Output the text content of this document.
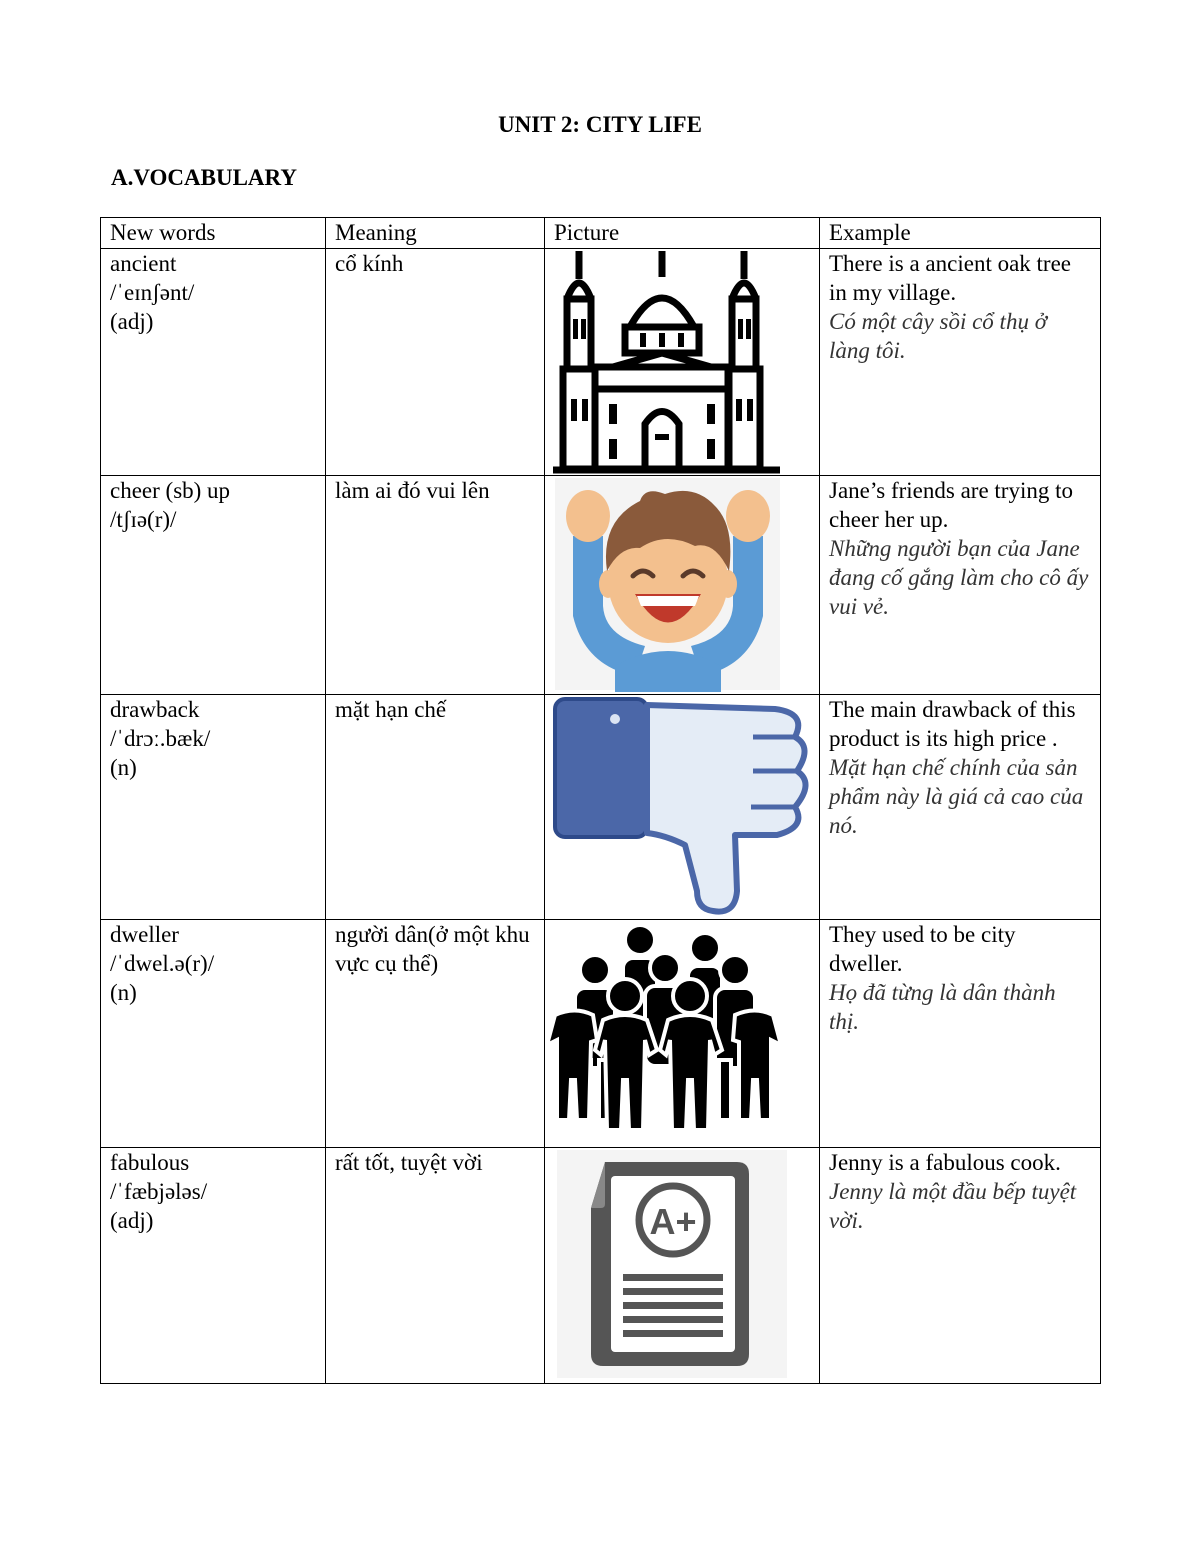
UNIT 2: CITY LIFE
A.VOCABULARY
New words	Meaning	Picture	Example

ancient
/ˈeɪnʃənt/
(adj)	cổ kính		There is a ancient oak tree in my village.
Có một cây sồi cổ thụ ở làng tôi.

cheer (sb) up
/tʃɪə(r)/	làm ai đó vui lên		Jane’s friends are trying to cheer her up.
Những người bạn của Jane đang cố gắng làm cho cô ấy vui vẻ.

drawback
/ˈdrɔː.bæk/
(n)	mặt hạn chế		The main drawback of this product is its high price .
Mặt hạn chế chính của sản phẩm này là giá cả cao của nó.

dweller
/ˈdwel.ə(r)/
(n)	người dân(ở một khu vực cụ thể)		They used to be city dweller.
Họ đã từng là dân thành thị.

fabulous
/ˈfæbjələs/
(adj)	rất tốt, tuyệt vời	A+	Jenny is a fabulous cook.
Jenny là một đầu bếp tuyệt vời.
